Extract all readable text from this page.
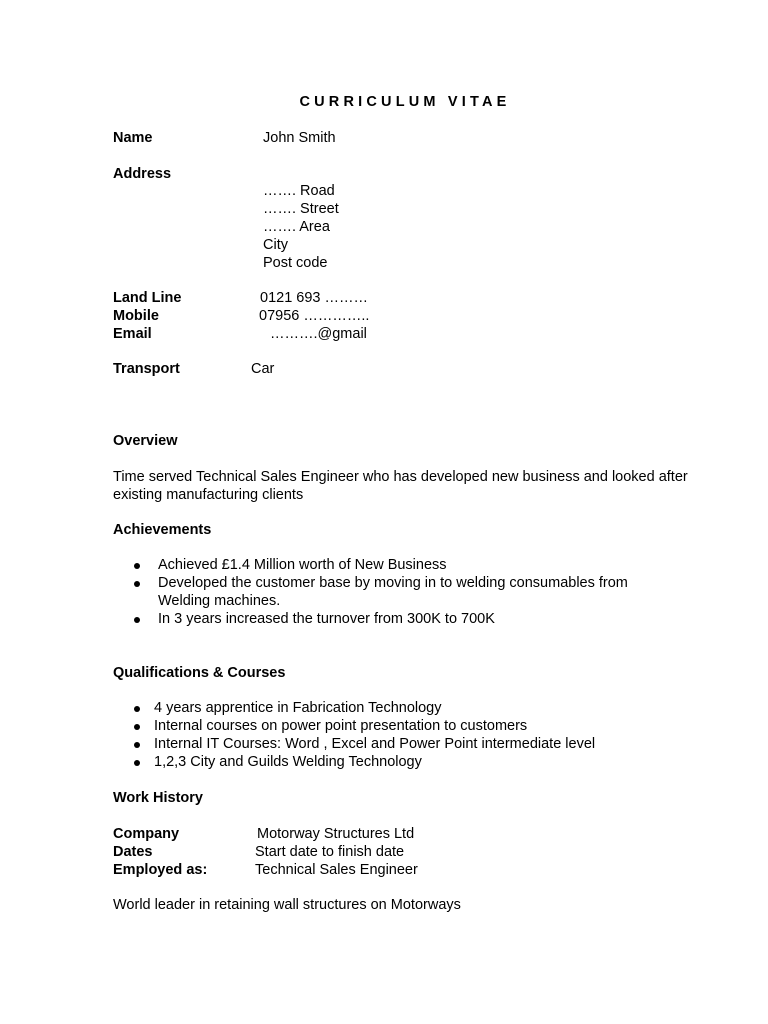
CURRICULUM VITAE
Name	John Smith
Address
……. Road
……. Street
……. Area
City
Post code
Land Line	0121 693 ………
Mobile	07956 …………..
Email	……….@gmail
Transport	Car
Overview
Time served Technical Sales Engineer who has developed new business and looked after existing manufacturing clients
Achievements
Achieved £1.4 Million worth of New Business
Developed the customer base by moving in to welding consumables from Welding machines.
In 3 years increased the turnover from 300K to 700K
Qualifications & Courses
4 years apprentice in Fabrication Technology
Internal courses on power point presentation to customers
Internal IT Courses: Word , Excel and Power Point intermediate level
1,2,3 City and Guilds Welding Technology
Work History
Company	Motorway Structures Ltd
Dates	Start date to finish date
Employed as:	Technical Sales Engineer
World leader in retaining wall structures on Motorways
